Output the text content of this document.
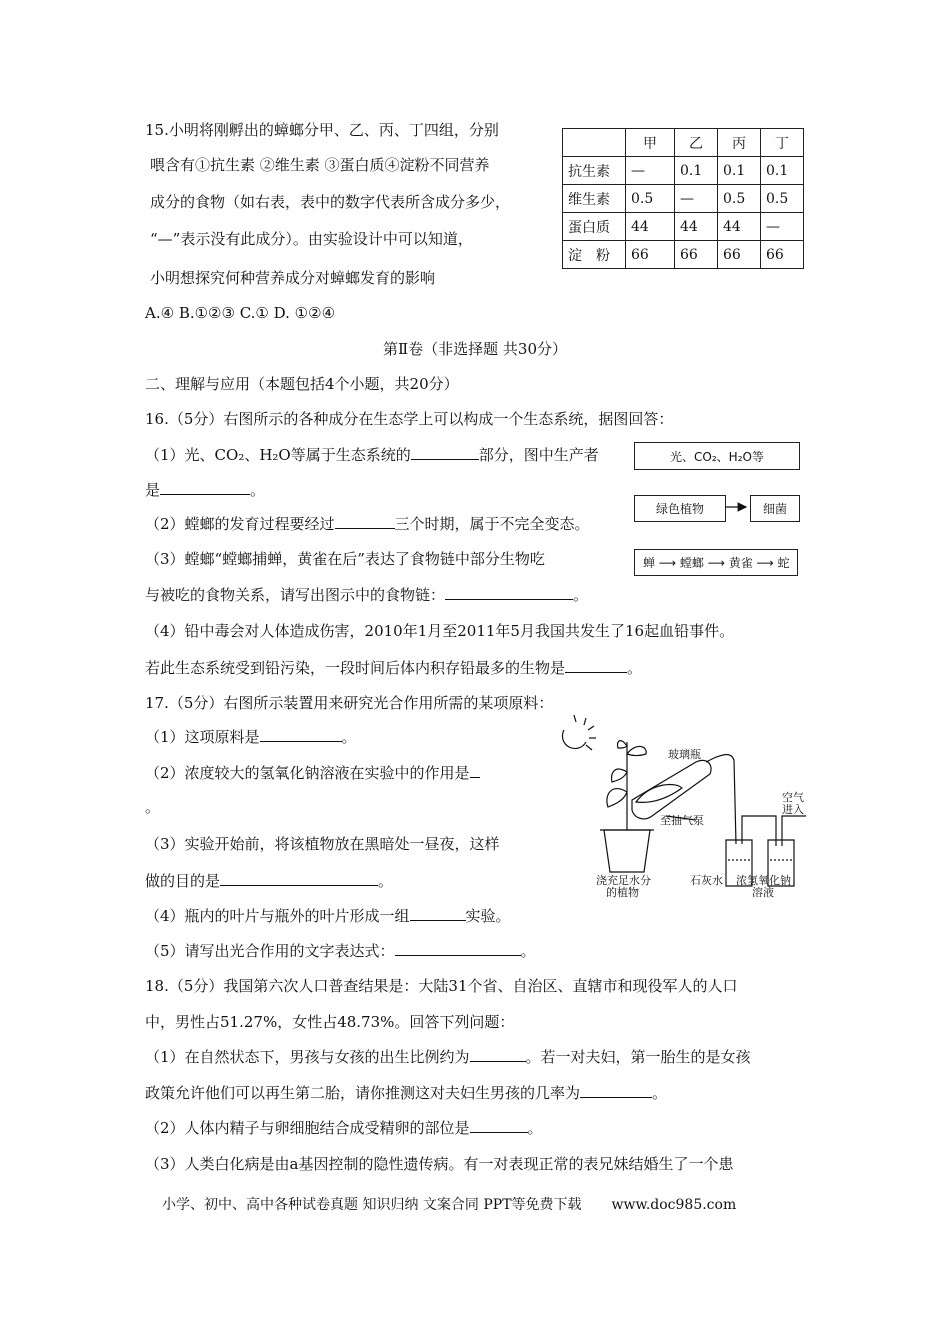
15.小明将刚孵出的蟑螂分甲、乙、丙、丁四组，分别
喂含有①抗生素 ②维生素 ③蛋白质④淀粉不同营养
成分的食物（如右表，表中的数字代表所含成分多少，
“—”表示没有此成分）。由实验设计中可以知道，
小明想探究何种营养成分对蟑螂发育的影响
A.④ B.①②③ C.① D. ①②④
	甲	乙	丙	丁
抗生素	—	0.1	0.1	0.1
维生素	0.5	—	0.5	0.5
蛋白质	44	44	44	—
淀　粉	66	66	66	66
第Ⅱ卷（非选择题 共30分）
二、理解与应用（本题包括4个小题，共20分）
16.（5分）右图所示的各种成分在生态学上可以构成一个生态系统，据图回答：
（1）光、CO₂、H₂O等属于生态系统的	部分，图中生产者
是	。
（2）螳螂的发育过程要经过	三个时期，属于不完全变态。
（3）螳螂“螳螂捕蝉，黄雀在后”表达了食物链中部分生物吃
与被吃的食物关系，请写出图示中的食物链：	。
（4）铅中毒会对人体造成伤害，2010年1月至2011年5月我国共发生了16起血铅事件。
若此生态系统受到铅污染，一段时间后体内积存铅最多的生物是	。
光、CO₂、H₂O等
绿色植物	细菌
蝉 ⟶ 螳螂 ⟶ 黄雀 ⟶ 蛇
17.（5分）右图所示装置用来研究光合作用所需的某项原料：
（1）这项原料是	。
（2）浓度较大的氢氧化钠溶液在实验中的作用是
。
（3）实验开始前，将该植物放在黑暗处一昼夜，这样
做的目的是	。
（4）瓶内的叶片与瓶外的叶片形成一组	实验。
（5）请写出光合作用的文字表达式：	。
玻璃瓶
空气
进入
至抽气泵
浇充足水分
的植物
石灰水 浓氢氧化钠
溶液
18.（5分）我国第六次人口普查结果是：大陆31个省、自治区、直辖市和现役军人的人口
中，男性占51.27%，女性占48.73%。回答下列问题：
（1）在自然状态下，男孩与女孩的出生比例约为	。若一对夫妇，第一胎生的是女孩
政策允许他们可以再生第二胎，请你推测这对夫妇生男孩的几率为	。
（2）人体内精子与卵细胞结合成受精卵的部位是	。
（3）人类白化病是由a基因控制的隐性遗传病。有一对表现正常的表兄妹结婚生了一个患
小学、初中、高中各种试卷真题 知识归纳 文案合同 PPT等免费下载 www.doc985.com
